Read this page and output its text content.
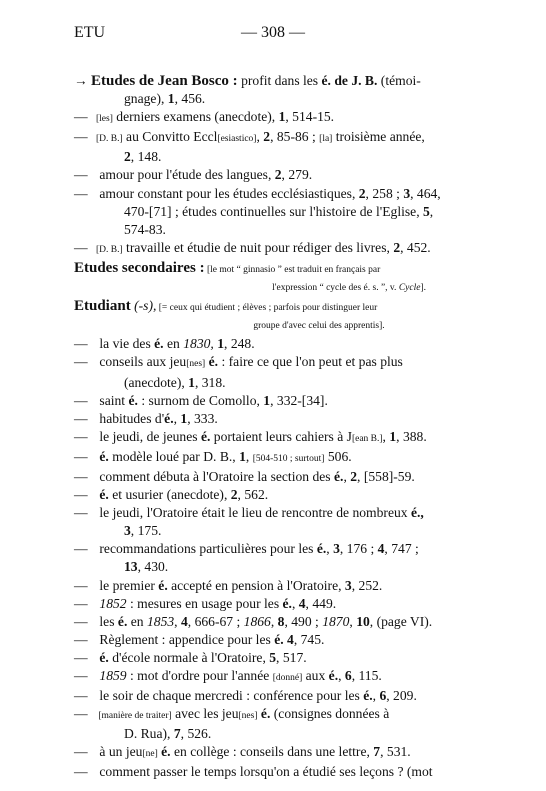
ETU	— 308 —

→ Etudes de Jean Bosco : profit dans les é. de J. B. (témoi-
gnage), 1, 456.

— [les] derniers examens (anecdote), 1, 514-15.

— [D. B.] au Convitto Eccl[esiastico], 2, 85-86 ; [la] troisième année,
2, 148.

— amour pour l'étude des langues, 2, 279.

— amour constant pour les études ecclésiastiques, 2, 258 ; 3, 464,
470-[71] ; études continuelles sur l'histoire de l'Eglise, 5,
574-83.

— [D. B.] travaille et étudie de nuit pour rédiger des livres, 2, 452.

Etudes secondaires : [le mot “ ginnasio ” est traduit en français par
l'expression “ cycle des é. s. ”, v. Cycle].

Etudiant (-s), [= ceux qui étudient ; élèves ; parfois pour distinguer leur
groupe d'avec celui des apprentis].

— la vie des é. en 1830, 1, 248.

— conseils aux jeu[nes] é. : faire ce que l'on peut et pas plus
(anecdote), 1, 318.

— saint é. : surnom de Comollo, 1, 332-[34].

— habitudes d'é., 1, 333.

— le jeudi, de jeunes é. portaient leurs cahiers à J[ean B.], 1, 388.

— é. modèle loué par D. B., 1, [504-510 ; surtout] 506.

— comment débuta à l'Oratoire la section des é., 2, [558]-59.

— é. et usurier (anecdote), 2, 562.

— le jeudi, l'Oratoire était le lieu de rencontre de nombreux é.,
3, 175.

— recommandations particulières pour les é., 3, 176 ; 4, 747 ;
13, 430.

— le premier é. accepté en pension à l'Oratoire, 3, 252.

— 1852 : mesures en usage pour les é., 4, 449.

— les é. en 1853, 4, 666-67 ; 1866, 8, 490 ; 1870, 10, (page VI).

— Règlement : appendice pour les é. 4, 745.

— é. d'école normale à l'Oratoire, 5, 517.

— 1859 : mot d'ordre pour l'année [donné] aux é., 6, 115.

— le soir de chaque mercredi : conférence pour les é., 6, 209.

— [manière de traiter] avec les jeu[nes] é. (consignes données à
D. Rua), 7, 526.

— à un jeu[ne] é. en collège : conseils dans une lettre, 7, 531.

— comment passer le temps lorsqu'on a étudié ses leçons ? (mot
